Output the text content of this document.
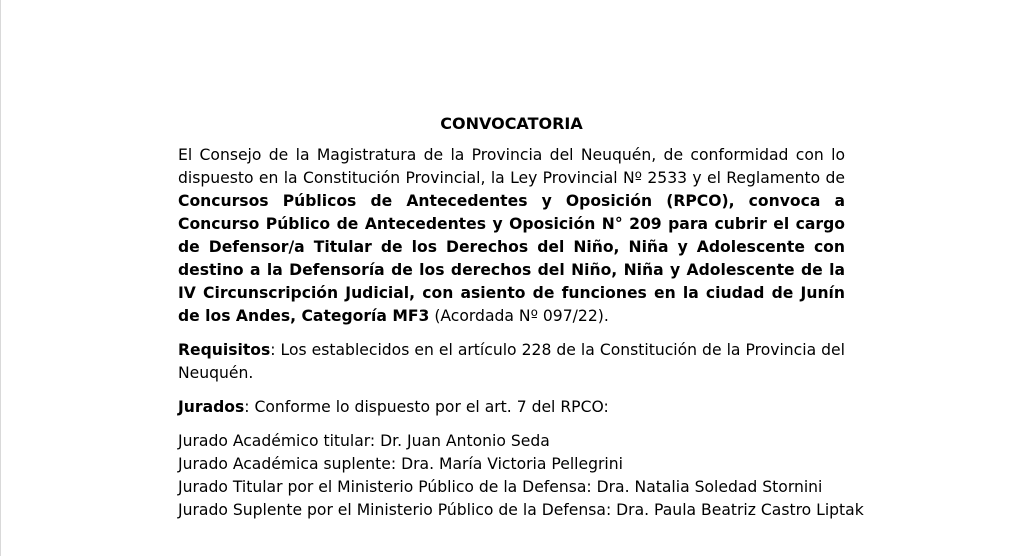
CONVOCATORIA

El Consejo de la Magistratura de la Provincia del Neuquén, de conformidad con lo dispuesto en la Constitución Provincial, la Ley Provincial Nº 2533 y el Reglamento de Concursos Públicos de Antecedentes y Oposición (RPCO), convoca a Concurso Público de Antecedentes y Oposición N° 209 para cubrir el cargo de Defensor/a Titular de los Derechos del Niño, Niña y Adolescente con destino a la Defensoría de los derechos del Niño, Niña y Adolescente de la IV Circunscripción Judicial, con asiento de funciones en la ciudad de Junín de los Andes, Categoría MF3 (Acordada Nº 097/22).

Requisitos: Los establecidos en el artículo 228 de la Constitución de la Provincia del Neuquén.

Jurados: Conforme lo dispuesto por el art. 7 del RPCO:

Jurado Académico titular: Dr. Juan Antonio Seda
Jurado Académica suplente: Dra. María Victoria Pellegrini
Jurado Titular por el Ministerio Público de la Defensa: Dra. Natalia Soledad Stornini
Jurado Suplente por el Ministerio Público de la Defensa: Dra. Paula Beatriz Castro Liptak
